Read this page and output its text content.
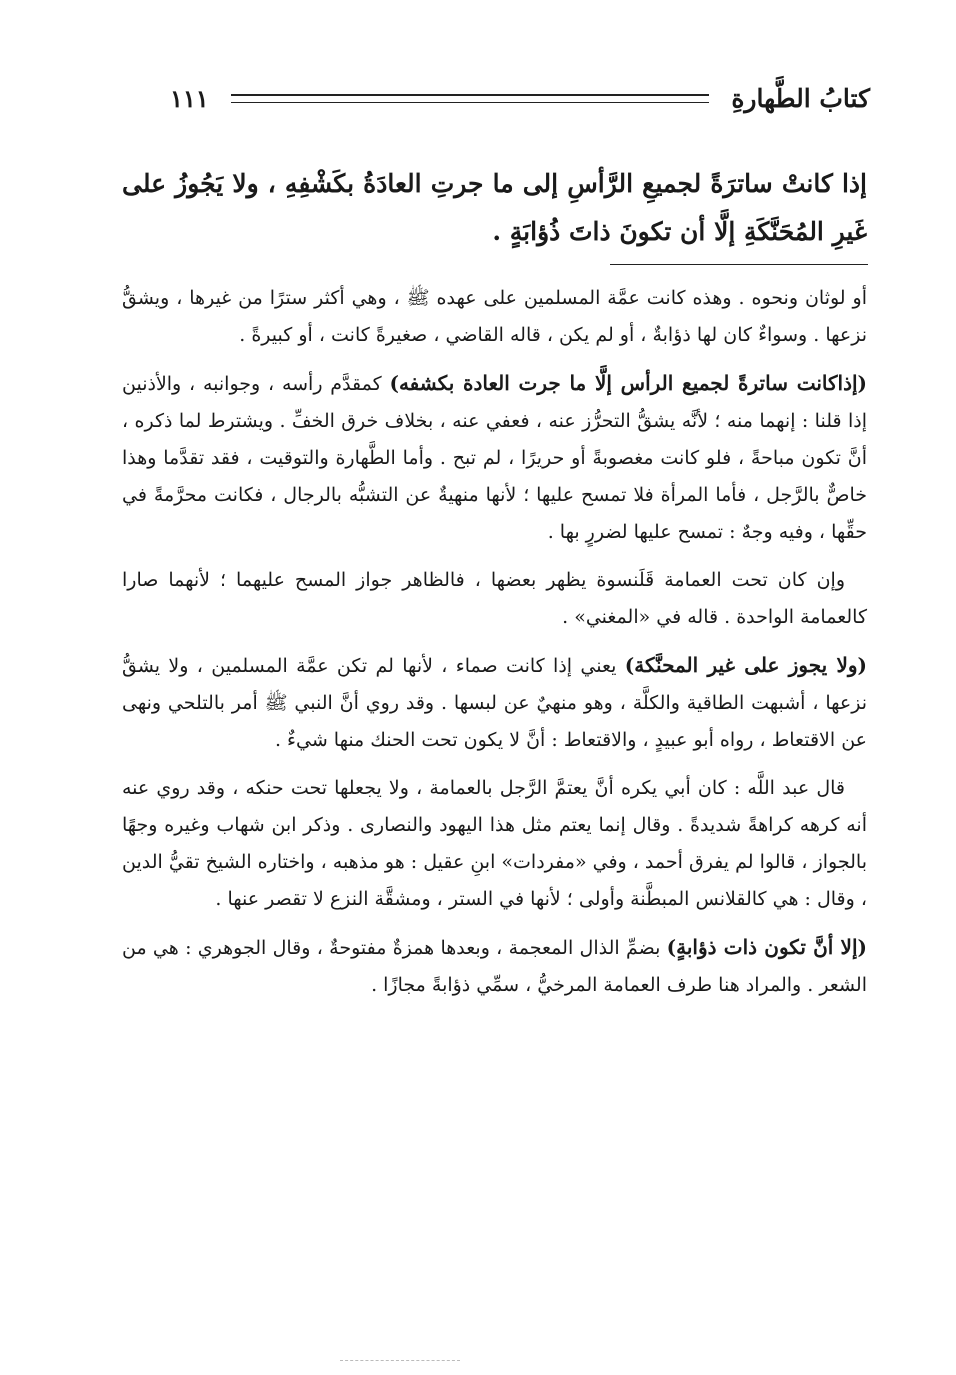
كتابُ الطَّهارةِ
١١١
إذا كانتْ ساترَةً لجميعِ الرَّأسِ إلى ما جرتِ العادَةُ بكَشْفِهِ ، ولا يَجُوزُ على غَيرِ المُحَنَّكَةِ إلَّا أن تكونَ ذاتَ ذُؤابَةٍ .

أو لوثان ونحوه . وهذه كانت عمَّة المسلمين على عهده ﷺ ، وهي أكثر سترًا من غيرها ، ويشقُّ نزعها . وسواءٌ كان لها ذؤابةٌ ، أو لم يكن ، قاله القاضي ، صغيرةً كانت ، أو كبيرةً .

(إذاكانت ساترةً لجميع الرأس إلَّا ما جرت العادة بكشفه) كمقدَّم رأسه ، وجوانبه ، والأذنين إذا قلنا : إنهما منه ؛ لأنَّه يشقُّ التحرُّز عنه ، فعفي عنه ، بخلاف خرق الخفِّ . ويشترط لما ذكره ، أنَّ تكون مباحةً ، فلو كانت مغصوبةً أو حريرًا ، لم تبح . وأما الطَّهارة والتوقيت ، فقد تقدَّما وهذا خاصٌّ بالرَّجل ، فأما المرأة فلا تمسح عليها ؛ لأنها منهيةٌ عن التشبُّه بالرجال ، فكانت محرَّمةً في حقِّها ، وفيه وجهٌ : تمسح عليها لضررٍ بها .

وإن كان تحت العمامة قَلَنسوة يظهر بعضها ، فالظاهر جواز المسح عليهما ؛ لأنهما صارا كالعمامة الواحدة . قاله في «المغني» .

(ولا يجوز على غير المحنَّكة) يعني إذا كانت صماء ، لأنها لم تكن عمَّة المسلمين ، ولا يشقُّ نزعها ، أشبهت الطاقية والكلَّة ، وهو منهيٌ عن لبسها . وقد روي أنَّ النبي ﷺ أمر بالتلحي ونهى عن الاقتعاط ، رواه أبو عبيدٍ ، والاقتعاط : أنَّ لا يكون تحت الحنك منها شيءٌ .

قال عبد اللَّه : كان أبي يكره أنَّ يعتمَّ الرَّجل بالعمامة ، ولا يجعلها تحت حنكه ، وقد روي عنه أنه كرهه كراهةً شديدةً . وقال إنما يعتم مثل هذا اليهود والنصارى . وذكر ابن شهاب وغيره وجهًا بالجواز ، قالوا لم يفرق أحمد ، وفي «مفردات» ابنِ عقيل : هو مذهبه ، واختاره الشيخ تقيُّ الدين ، وقال : هي كالقلانس المبطَّنة وأولى ؛ لأنها في الستر ، ومشقَّة النزع لا تقصر عنها .

(إلا أنَّ تكون ذات ذؤابةٍ) بضمِّ الذال المعجمة ، وبعدها همزةٌ مفتوحةٌ ، وقال الجوهري : هي من الشعر . والمراد هنا طرف العمامة المرخيُّ ، سمِّي ذؤابةً مجازًا .
